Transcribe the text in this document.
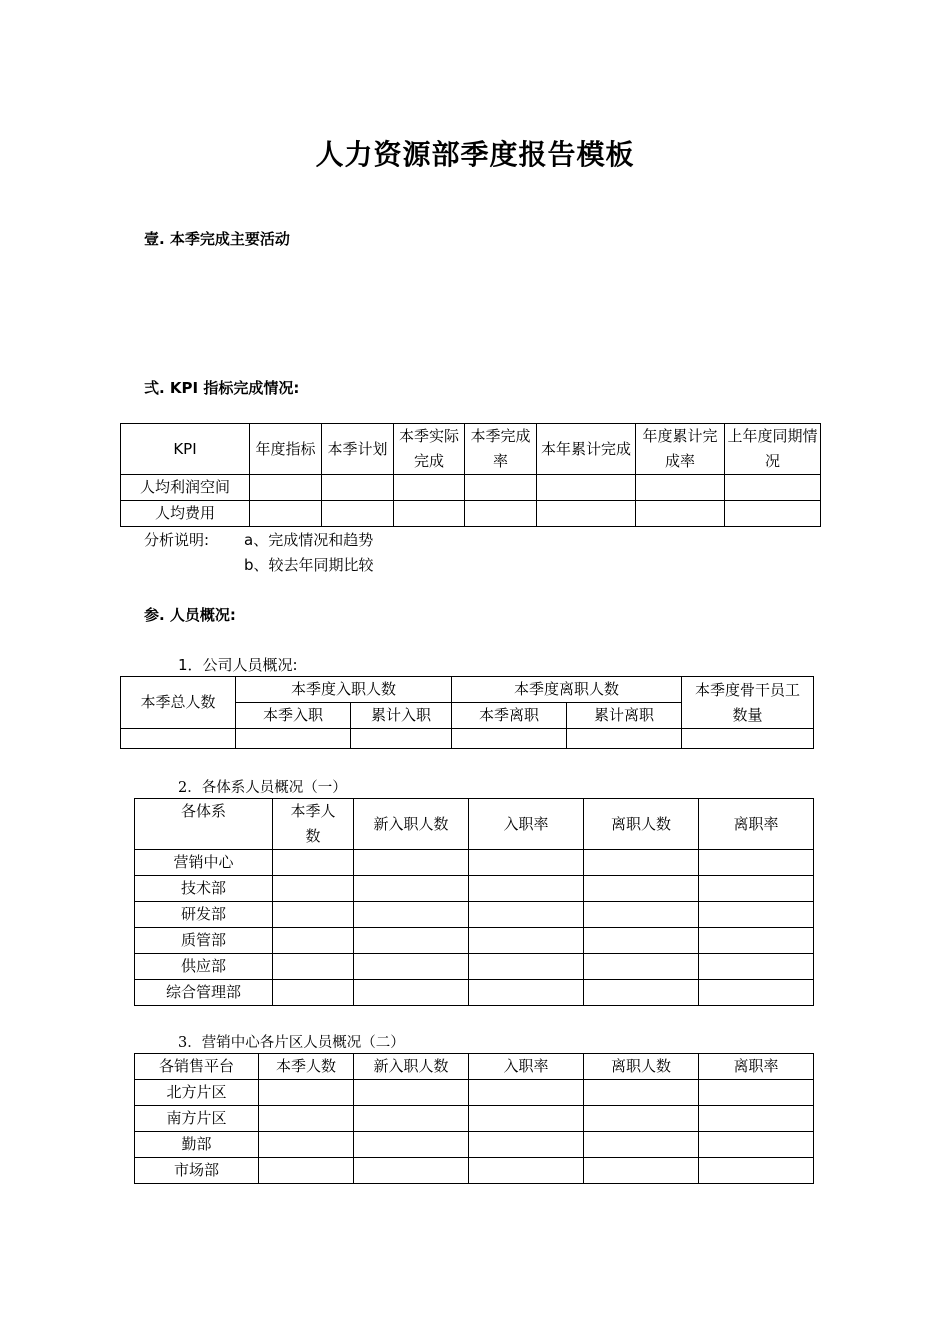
人力资源部季度报告模板
壹. 本季完成主要活动
弍. KPI 指标完成情况:
KPI	年度指标	本季计划	本季实际完成	本季完成率	本年累计完成	年度累计完成率	上年度同期情况
人均利润空间							
人均费用							
分析说明: a、完成情况和趋势
b、较去年同期比较
参. 人员概况:
1．公司人员概况:
本季总人数	本季度入职人数		本季度离职人数		本季度骨干员工数量
	本季入职	累计入职	本季离职	累计离职	

2．各体系人员概况（一）
各体系	本季人数	新入职人数	入职率	离职人数	离职率
营销中心					
技术部					
研发部					
质管部					
供应部					
综合管理部					
3．营销中心各片区人员概况（二）
各销售平台	本季人数	新入职人数	入职率	离职人数	离职率
北方片区					
南方片区					
勤部					
市场部					
